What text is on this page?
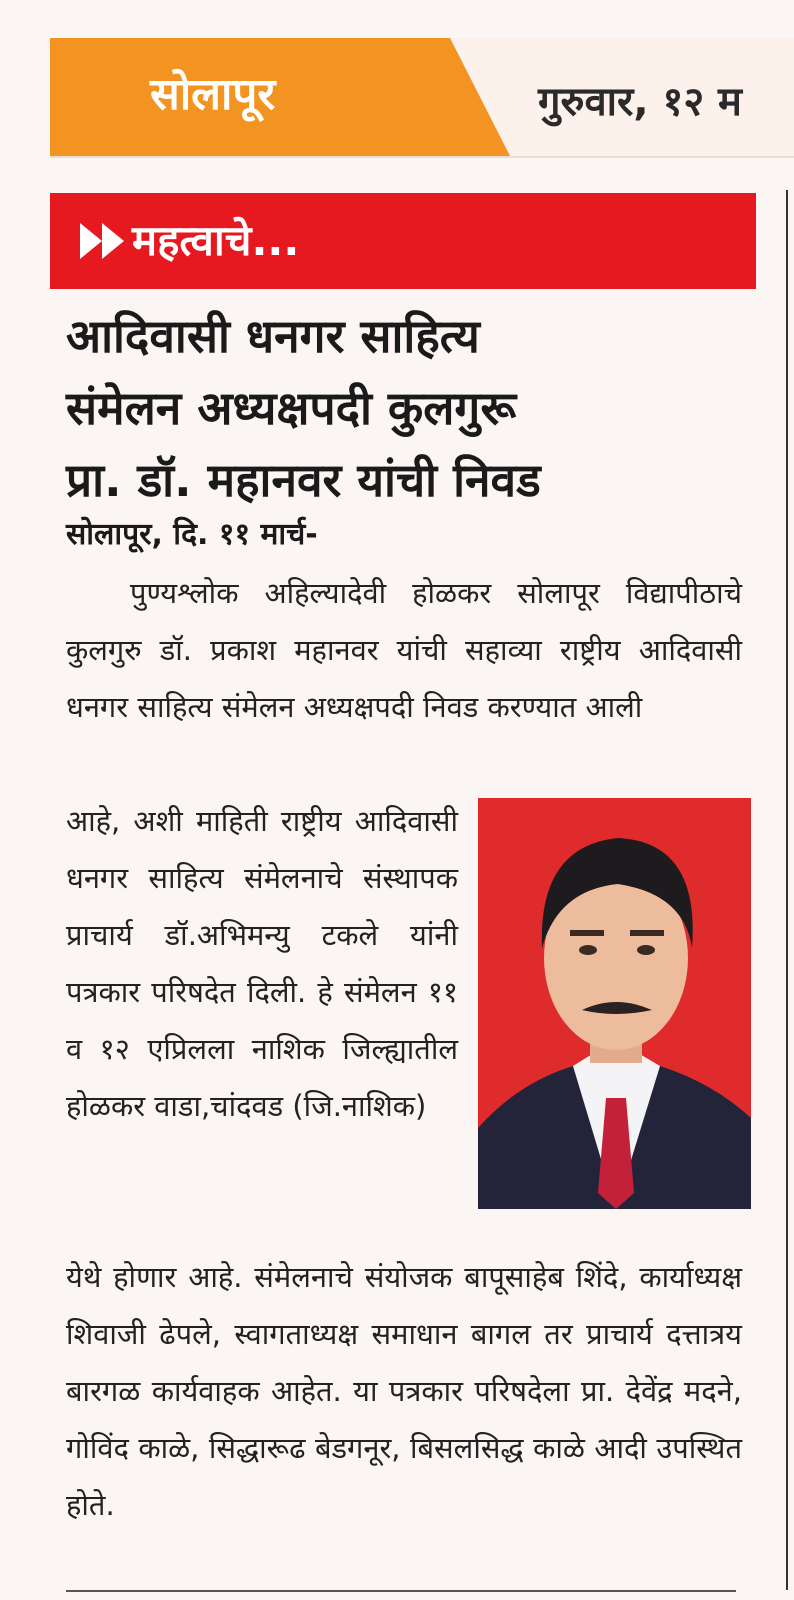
सोलापूर	गुरुवार, १२ म
महत्वाचे...
आदिवासी धनगर साहित्य
संमेलन अध्यक्षपदी कुलगुरू
प्रा. डॉ. महानवर यांची निवड
सोलापूर, दि. ११ मार्च-

पुण्यश्लोक अहिल्यादेवी होळकर सोलापूर विद्यापीठाचे कुलगुरु डॉ. प्रकाश महानवर यांची सहाव्या राष्ट्रीय आदिवासी धनगर साहित्य संमेलन अध्यक्षपदी निवड करण्यात आली

आहे, अशी माहिती राष्ट्रीय आदिवासी धनगर साहित्य संमेलनाचे संस्थापक प्राचार्य डॉ.अभिमन्यु टकले यांनी पत्रकार परिषदेत दिली. हे संमेलन ११ व १२ एप्रिलला नाशिक जिल्ह्यातील होळकर वाडा,चांदवड (जि.नाशिक)

येथे होणार आहे. संमेलनाचे संयोजक बापूसाहेब शिंदे, कार्याध्यक्ष शिवाजी ढेपले, स्वागताध्यक्ष समाधान बागल तर प्राचार्य दत्तात्रय बारगळ कार्यवाहक आहेत. या पत्रकार परिषदेला प्रा. देवेंद्र मदने, गोविंद काळे, सिद्धारूढ बेडगनूर, बिसलसिद्ध काळे आदी उपस्थित होते.
